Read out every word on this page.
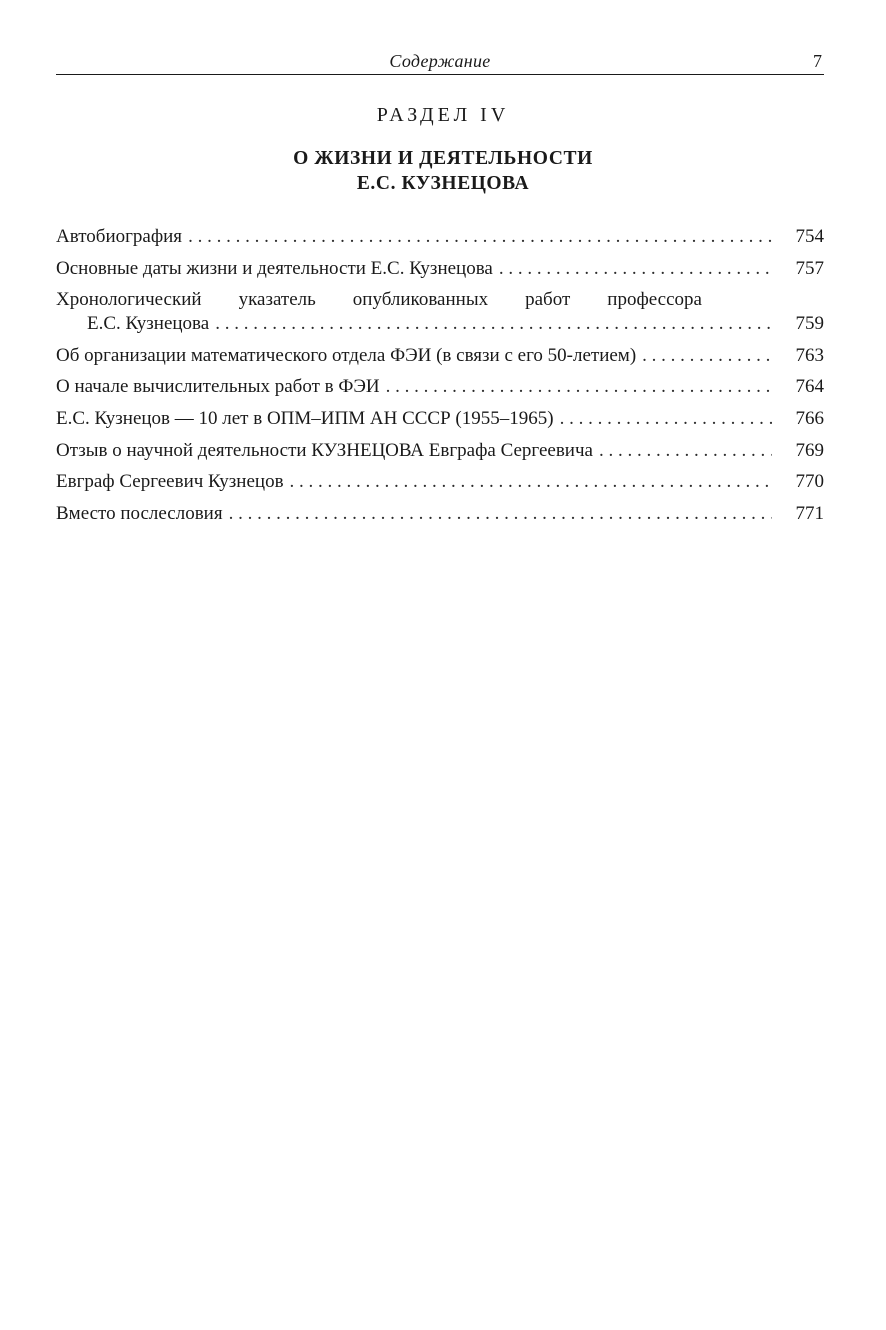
Содержание	7
РАЗДЕЛ IV
О ЖИЗНИ И ДЕЯТЕЛЬНОСТИ
Е.С. КУЗНЕЦОВА
Автобиография . . .	754
Основные даты жизни и деятельности Е.С. Кузнецова . . .	757
Хронологический указатель опубликованных работ профессора
Е.С. Кузнецова . . .	759
Об организации математического отдела ФЭИ (в связи с его 50-летием) . . .	763
О начале вычислительных работ в ФЭИ . . .	764
Е.С. Кузнецов — 10 лет в ОПМ–ИПМ АН СССР (1955–1965) . . .	766
Отзыв о научной деятельности КУЗНЕЦОВА Евграфа Сергеевича . . .	769
Евграф Сергеевич Кузнецов . . .	770
Вместо послесловия . . .	771
